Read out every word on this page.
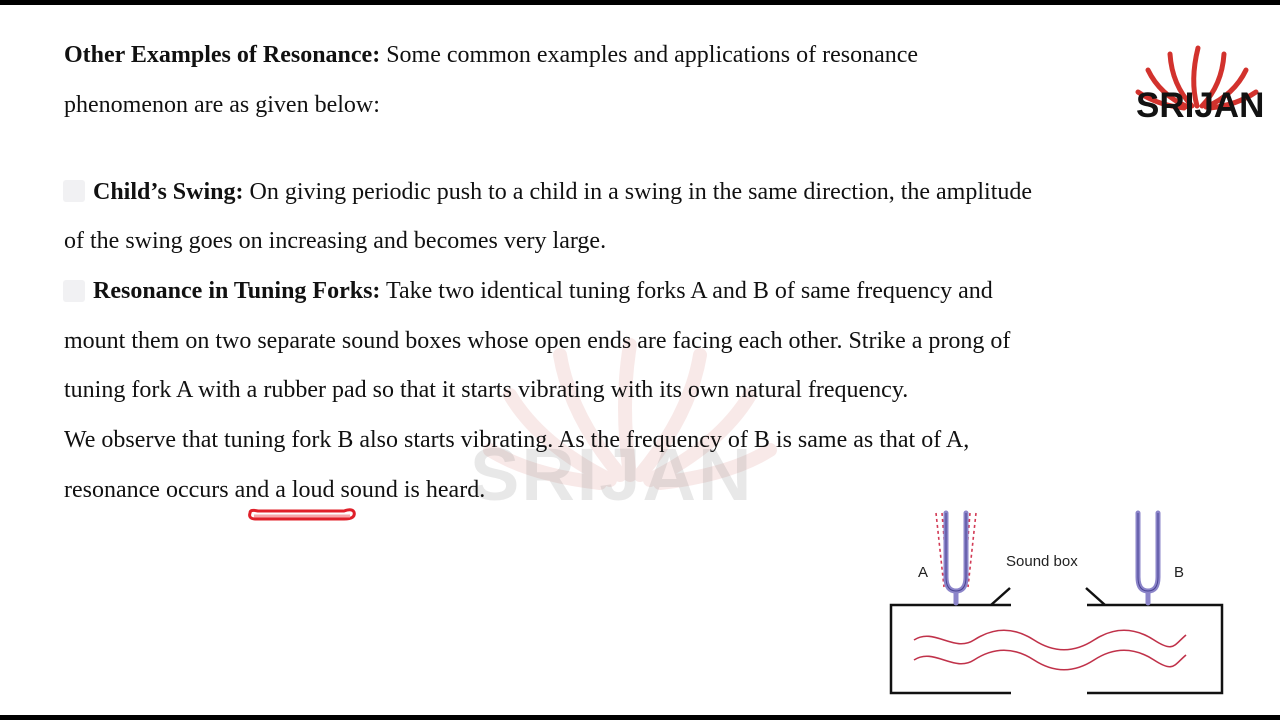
SRIJAN
SRIJAN
Other Examples of Resonance: Some common examples and applications of resonance
phenomenon are as given below:
Child’s Swing: On giving periodic push to a child in a swing in the same direction, the amplitude
of the swing goes on increasing and becomes very large.
Resonance in Tuning Forks: Take two identical tuning forks A and B of same frequency and
mount them on two separate sound boxes whose open ends are facing each other. Strike a prong of
tuning fork A with a rubber pad so that it starts vibrating with its own natural frequency.
We observe that tuning fork B also starts vibrating. As the frequency of B is same as that of A,
resonance occurs and a loud sound is heard.
A	B
Sound box
